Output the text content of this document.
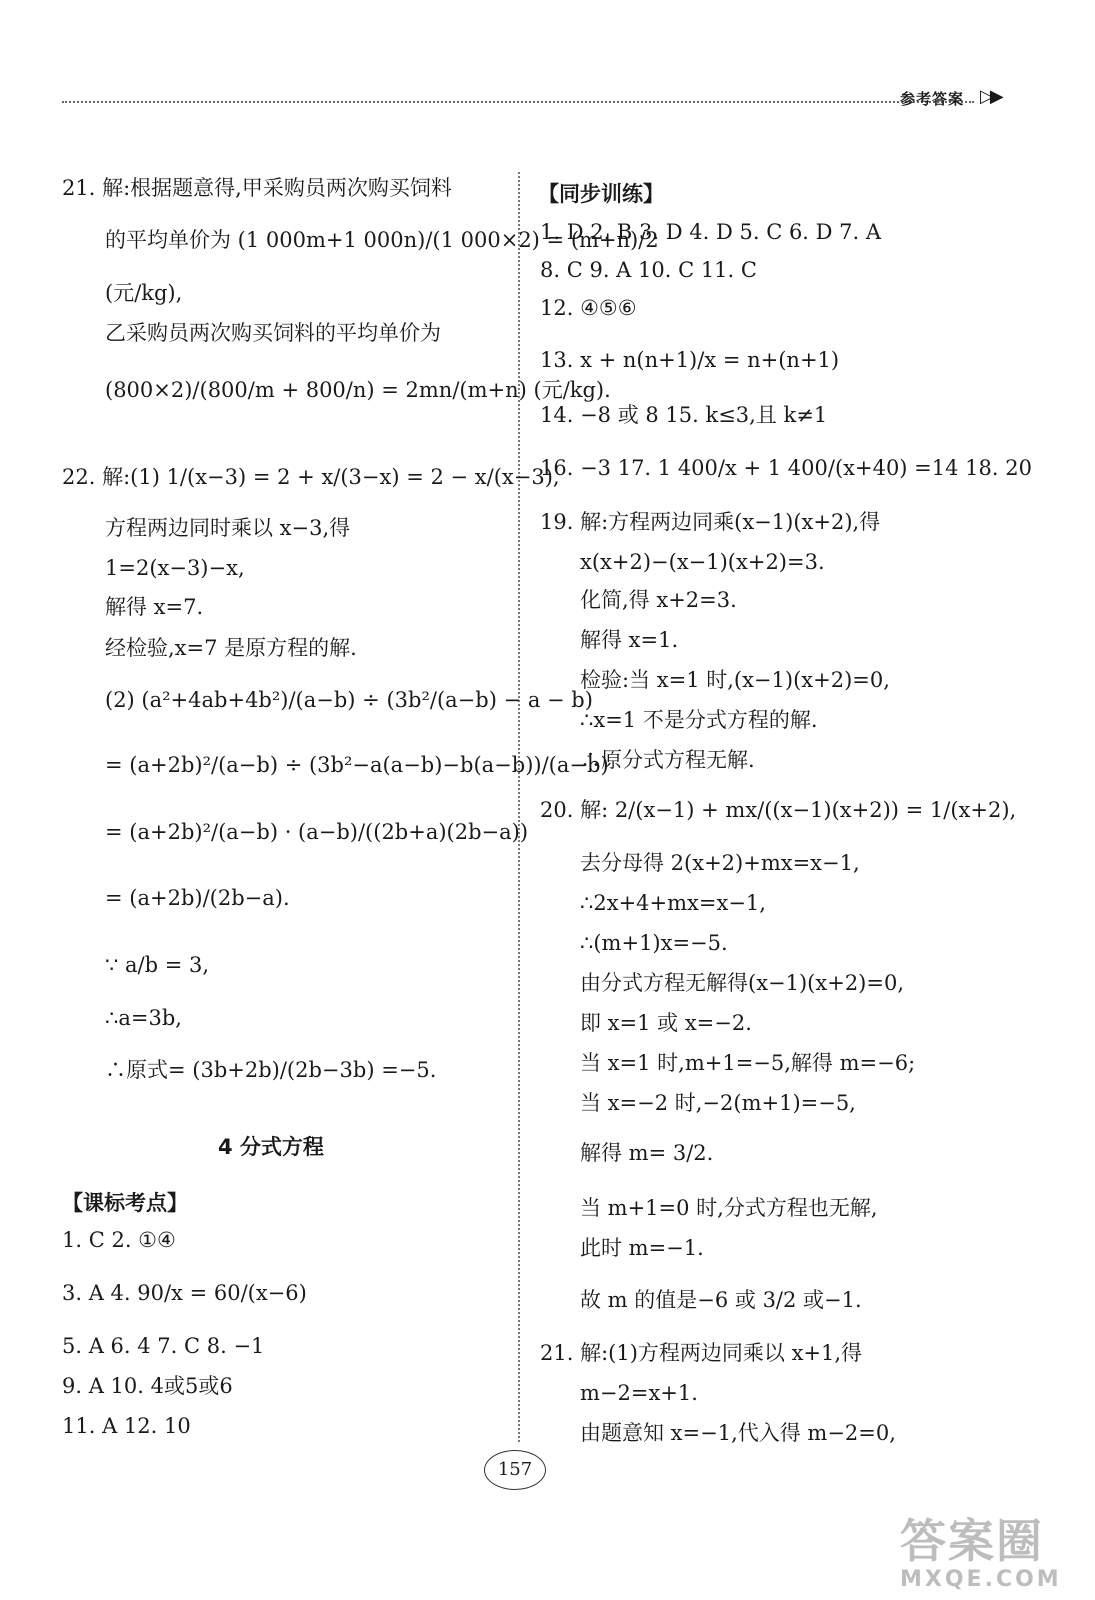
参考答案 ▷▶
21. 解:根据题意得,甲采购员两次购买饲料
的平均单价为 (1 000m+1 000n)/(1 000×2) = (m+n)/2
(元/kg),
乙采购员两次购买饲料的平均单价为
(800×2)/(800/m + 800/n) = 2mn/(m+n) (元/kg).
22. 解:(1) 1/(x−3) = 2 + x/(3−x) = 2 − x/(x−3),
方程两边同时乘以 x−3,得
1=2(x−3)−x,
解得 x=7.
经检验,x=7 是原方程的解.
(2) (a²+4ab+4b²)/(a−b) ÷ (3b²/(a−b) − a − b)
= (a+2b)²/(a−b) ÷ (3b²−a(a−b)−b(a−b))/(a−b)
= (a+2b)²/(a−b) · (a−b)/((2b+a)(2b−a))
= (a+2b)/(2b−a).
∵ a/b = 3,
∴a=3b,
∴原式= (3b+2b)/(2b−3b) =−5.
4 分式方程
【课标考点】
1. C 2. ①④
3. A 4. 90/x = 60/(x−6)
5. A 6. 4 7. C 8. −1
9. A 10. 4或5或6
11. A 12. 10
【同步训练】
1. D 2. B 3. D 4. D 5. C 6. D 7. A
8. C 9. A 10. C 11. C
12. ④⑤⑥
13. x + n(n+1)/x = n+(n+1)
14. −8 或 8 15. k≤3,且 k≠1
16. −3 17. 1 400/x + 1 400/(x+40) =14 18. 20
19. 解:方程两边同乘(x−1)(x+2),得
x(x+2)−(x−1)(x+2)=3.
化简,得 x+2=3.
解得 x=1.
检验:当 x=1 时,(x−1)(x+2)=0,
∴x=1 不是分式方程的解.
∴原分式方程无解.
20. 解: 2/(x−1) + mx/((x−1)(x+2)) = 1/(x+2),
去分母得 2(x+2)+mx=x−1,
∴2x+4+mx=x−1,
∴(m+1)x=−5.
由分式方程无解得(x−1)(x+2)=0,
即 x=1 或 x=−2.
当 x=1 时,m+1=−5,解得 m=−6;
当 x=−2 时,−2(m+1)=−5,
解得 m= 3/2.
当 m+1=0 时,分式方程也无解,
此时 m=−1.
故 m 的值是−6 或 3/2 或−1.
21. 解:(1)方程两边同乘以 x+1,得
m−2=x+1.
由题意知 x=−1,代入得 m−2=0,
157
答案圈
MXQE.COM
